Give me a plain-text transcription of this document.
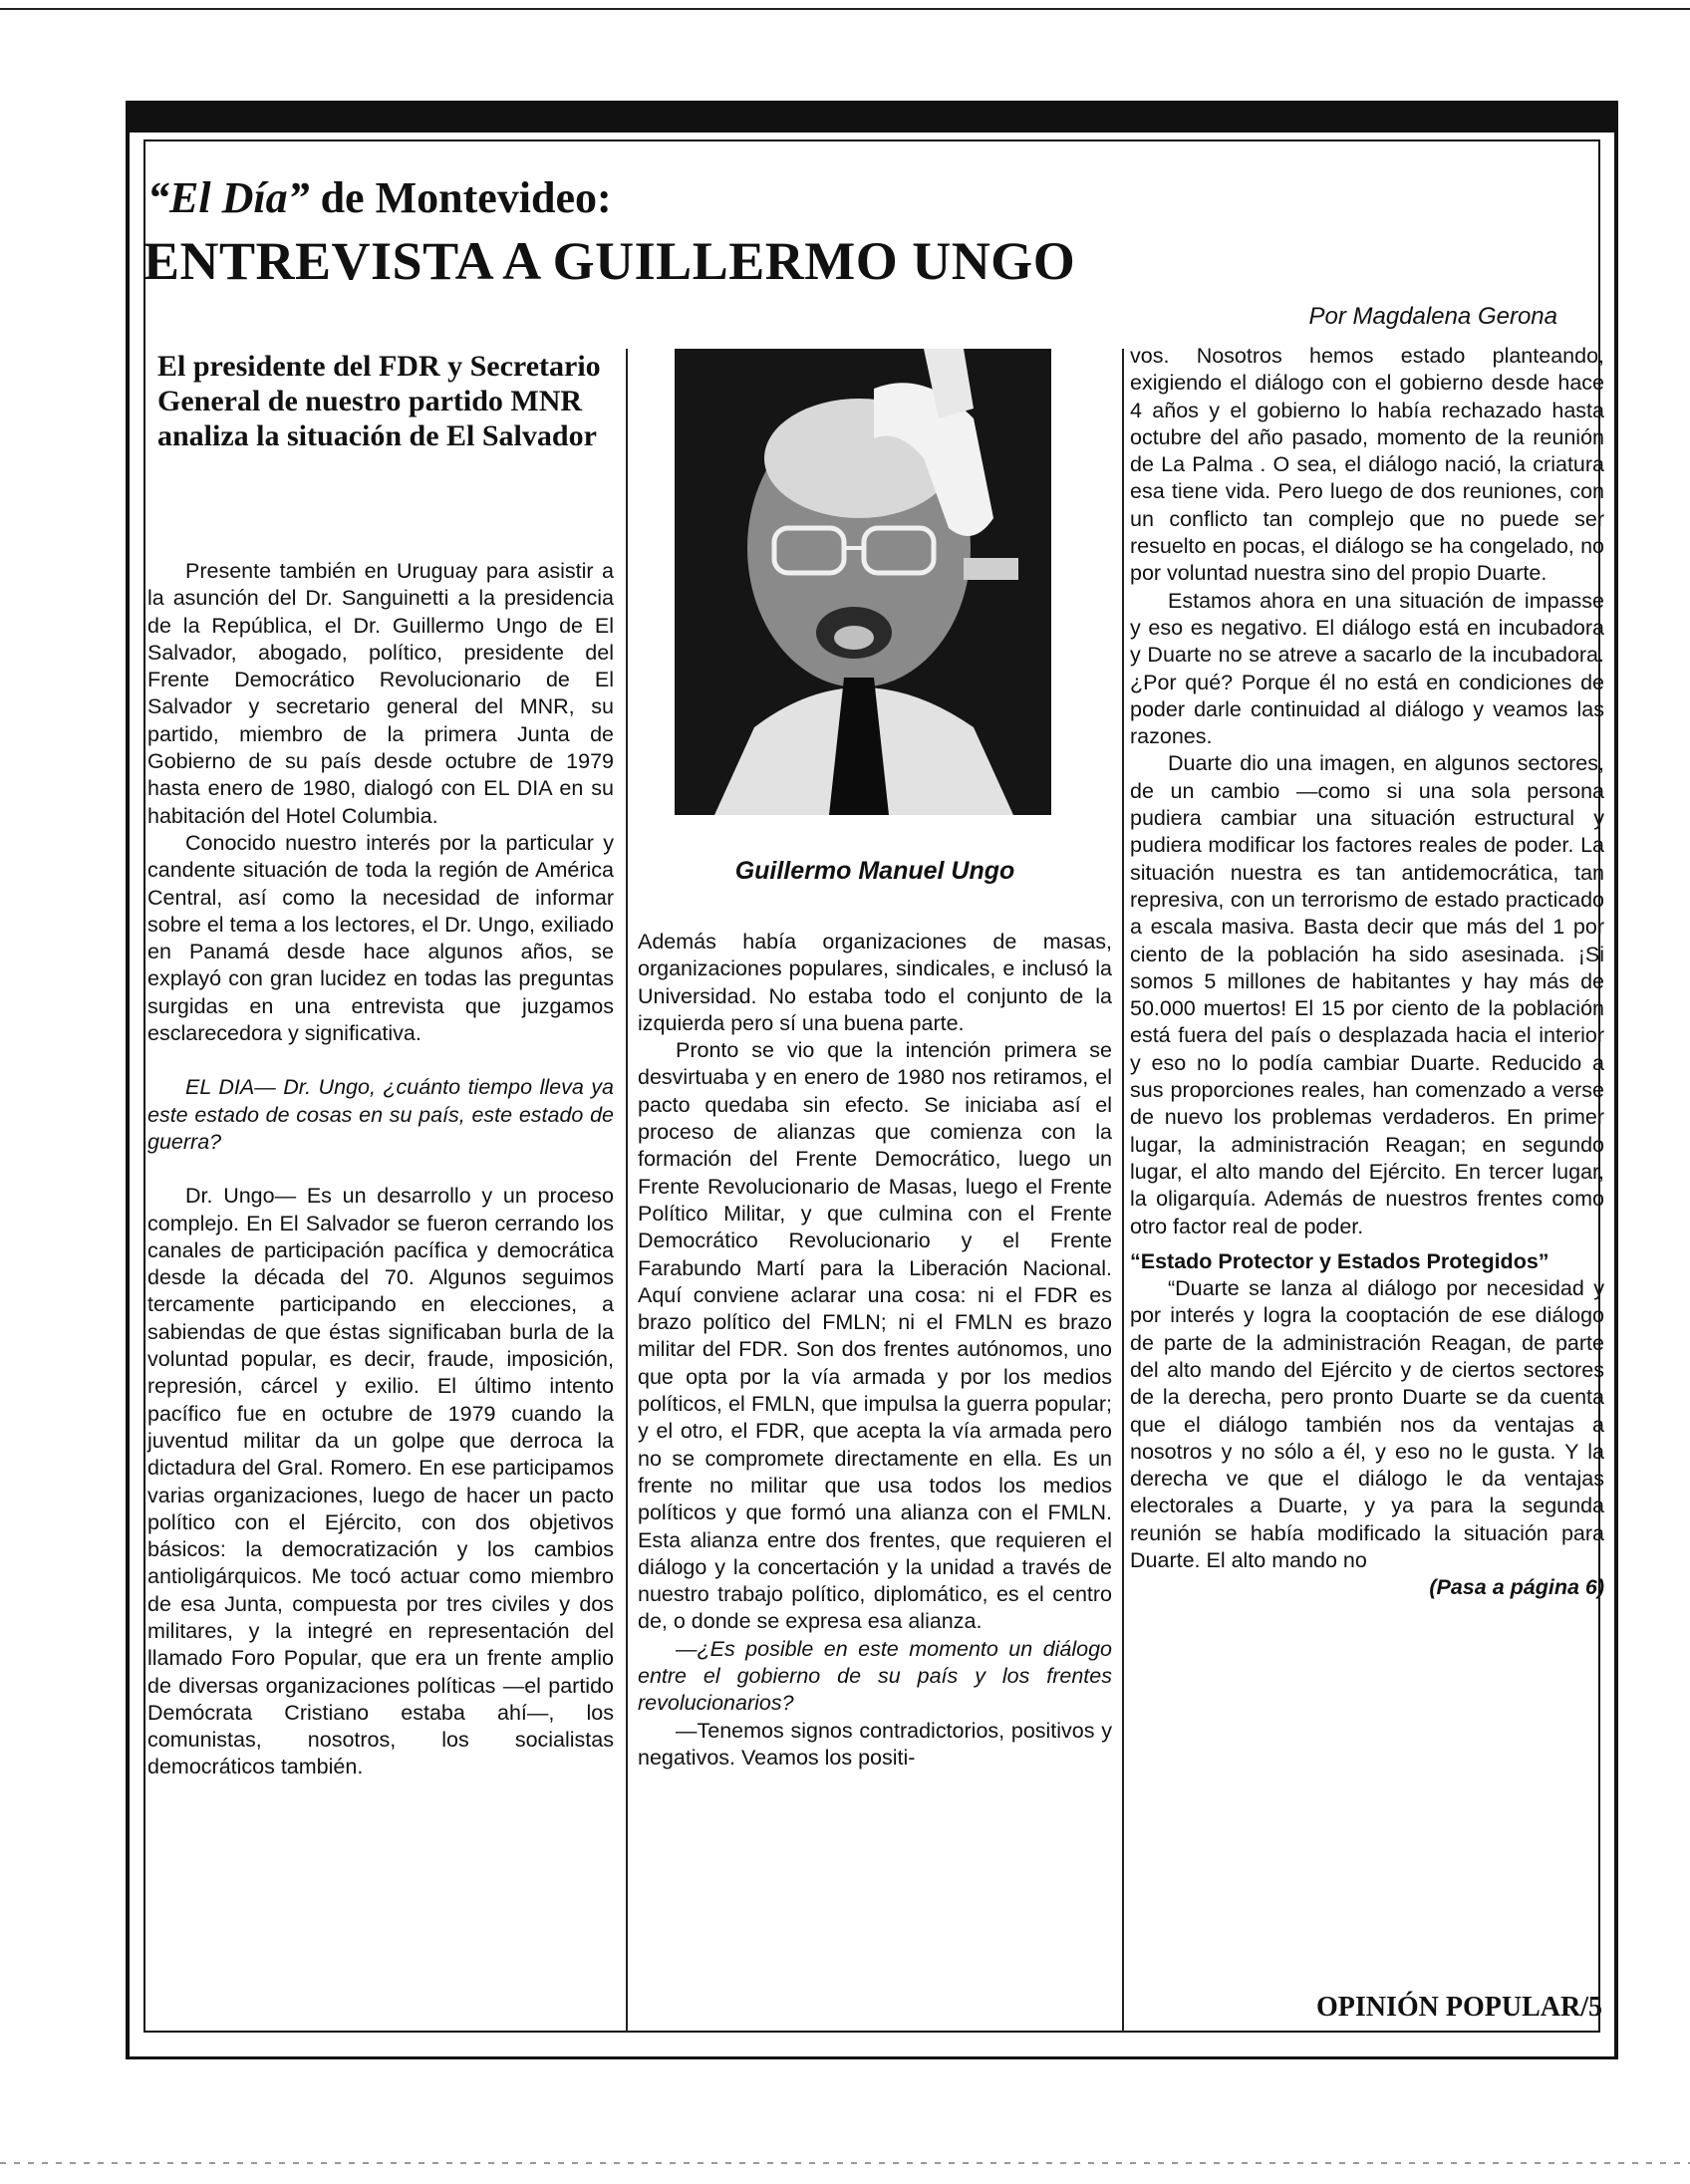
“El Día” de Montevideo:
ENTREVISTA A GUILLERMO UNGO
Por Magdalena Gerona
El presidente del FDR y Secretario General de nuestro partido MNR analiza la situación de El Salvador
Guillermo Manuel Ungo

Presente también en Uruguay para asistir a la asunción del Dr. Sanguinetti a la presidencia de la República, el Dr. Guillermo Ungo de El Salvador, abogado, político, presidente del Frente Democrático Revolucionario de El Salvador y secretario general del MNR, su partido, miembro de la primera Junta de Gobierno de su país desde octubre de 1979 hasta enero de 1980, dialogó con EL DIA en su habitación del Hotel Columbia.

Conocido nuestro interés por la particular y candente situación de toda la región de América Central, así como la necesidad de informar sobre el tema a los lectores, el Dr. Ungo, exiliado en Panamá desde hace algunos años, se explayó con gran lucidez en todas las preguntas surgidas en una entrevista que juzgamos esclarecedora y significativa.

EL DIA— Dr. Ungo, ¿cuánto tiempo lleva ya este estado de cosas en su país, este estado de guerra?

Dr. Ungo— Es un desarrollo y un proceso complejo. En El Salvador se fueron cerrando los canales de participación pacífica y democrática desde la década del 70. Algunos seguimos tercamente participando en elecciones, a sabiendas de que éstas significaban burla de la voluntad popular, es decir, fraude, imposición, represión, cárcel y exilio. El último intento pacífico fue en octubre de 1979 cuando la juventud militar da un golpe que derroca la dictadura del Gral. Romero. En ese participamos varias organizaciones, luego de hacer un pacto político con el Ejército, con dos objetivos básicos: la democratización y los cambios antioligárquicos. Me tocó actuar como miembro de esa Junta, compuesta por tres civiles y dos militares, y la integré en representación del llamado Foro Popular, que era un frente amplio de diversas organizaciones políticas —el partido Demócrata Cristiano estaba ahí—, los comunistas, nosotros, los socialistas democráticos también.

Además había organizaciones de masas, organizaciones populares, sindicales, e inclusó la Universidad. No estaba todo el conjunto de la izquierda pero sí una buena parte.

Pronto se vio que la intención primera se desvirtuaba y en enero de 1980 nos retiramos, el pacto quedaba sin efecto. Se iniciaba así el proceso de alianzas que comienza con la formación del Frente Democrático, luego un Frente Revolucionario de Masas, luego el Frente Político Militar, y que culmina con el Frente Democrático Revolucionario y el Frente Farabundo Martí para la Liberación Nacional. Aquí conviene aclarar una cosa: ni el FDR es brazo político del FMLN; ni el FMLN es brazo militar del FDR. Son dos frentes autónomos, uno que opta por la vía armada y por los medios políticos, el FMLN, que impulsa la guerra popular; y el otro, el FDR, que acepta la vía armada pero no se compromete directamente en ella. Es un frente no militar que usa todos los medios políticos y que formó una alianza con el FMLN. Esta alianza entre dos frentes, que requieren el diálogo y la concertación y la unidad a través de nuestro trabajo político, diplomático, es el centro de, o donde se expresa esa alianza.

—¿Es posible en este momento un diálogo entre el gobierno de su país y los frentes revolucionarios?

—Tenemos signos contradictorios, positivos y negativos. Veamos los positi-

vos. Nosotros hemos estado planteando, exigiendo el diálogo con el gobierno desde hace 4 años y el gobierno lo había rechazado hasta octubre del año pasado, momento de la reunión de La Palma . O sea, el diálogo nació, la criatura esa tiene vida. Pero luego de dos reuniones, con un conflicto tan complejo que no puede ser resuelto en pocas, el diálogo se ha congelado, no por voluntad nuestra sino del propio Duarte.

Estamos ahora en una situación de impasse y eso es negativo. El diálogo está en incubadora y Duarte no se atreve a sacarlo de la incubadora. ¿Por qué? Porque él no está en condiciones de poder darle continuidad al diálogo y veamos las razones.

Duarte dio una imagen, en algunos sectores, de un cambio —como si una sola persona pudiera cambiar una situación estructural y pudiera modificar los factores reales de poder. La situación nuestra es tan antidemocrática, tan represiva, con un terrorismo de estado practicado a escala masiva. Basta decir que más del 1 por ciento de la población ha sido asesinada. ¡Si somos 5 millones de habitantes y hay más de 50.000 muertos! El 15 por ciento de la población está fuera del país o desplazada hacia el interior y eso no lo podía cambiar Duarte. Reducido a sus proporciones reales, han comenzado a verse de nuevo los problemas verdaderos. En primer lugar, la administración Reagan; en segundo lugar, el alto mando del Ejército. En tercer lugar, la oligarquía. Además de nuestros frentes como otro factor real de poder.

“Estado Protector y Estados Protegidos”

“Duarte se lanza al diálogo por necesidad y por interés y logra la cooptación de ese diálogo de parte de la administración Reagan, de parte del alto mando del Ejército y de ciertos sectores de la derecha, pero pronto Duarte se da cuenta que el diálogo también nos da ventajas a nosotros y no sólo a él, y eso no le gusta. Y la derecha ve que el diálogo le da ventajas electorales a Duarte, y ya para la segunda reunión se había modificado la situación para Duarte. El alto mando no

(Pasa a página 6)

OPINIÓN POPULAR/5
